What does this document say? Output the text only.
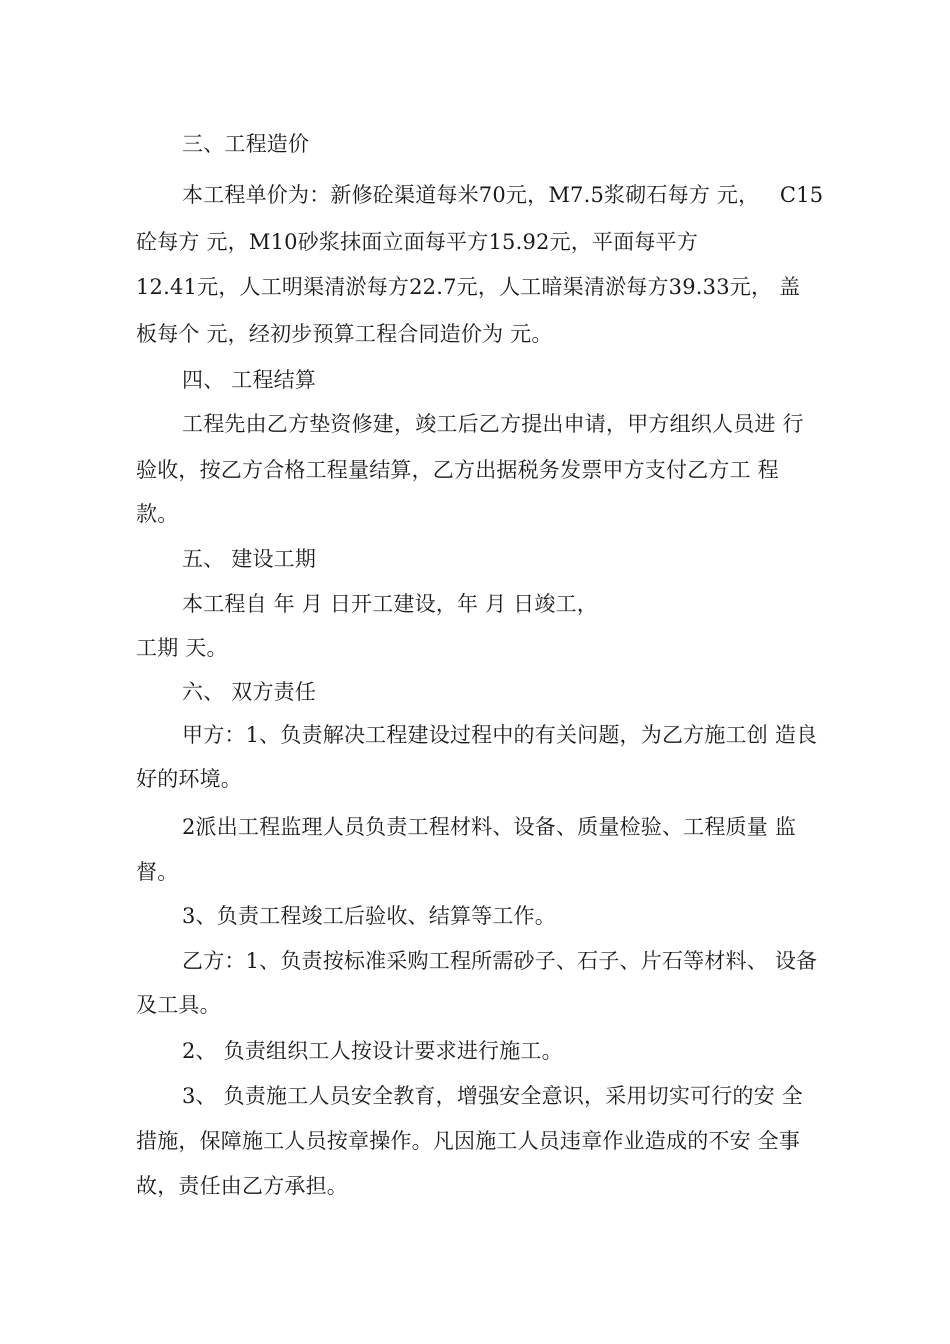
三、工程造价
本工程单价为：新修砼渠道每米70元，M7.5浆砌石每方 元，   C15
砼每方 元，M10砂浆抹面立面每平方15.92元，平面每平方
12.41元，人工明渠清淤每方22.7元，人工暗渠清淤每方39.33元， 盖
板每个 元，经初步预算工程合同造价为 元。
四、 工程结算
工程先由乙方垫资修建，竣工后乙方提出申请，甲方组织人员进 行
验收，按乙方合格工程量结算，乙方出据税务发票甲方支付乙方工 程
款。
五、 建设工期
本工程自 年 月 日开工建设，年 月 日竣工，
工期 天。
六、 双方责任
甲方：1、负责解决工程建设过程中的有关问题，为乙方施工创 造良
好的环境。
2派出工程监理人员负责工程材料、设备、质量检验、工程质量 监
督。
3、负责工程竣工后验收、结算等工作。
乙方：1、负责按标准采购工程所需砂子、石子、片石等材料、 设备
及工具。
2、 负责组织工人按设计要求进行施工。
3、 负责施工人员安全教育，增强安全意识，采用切实可行的安 全
措施，保障施工人员按章操作。凡因施工人员违章作业造成的不安 全事
故，责任由乙方承担。
